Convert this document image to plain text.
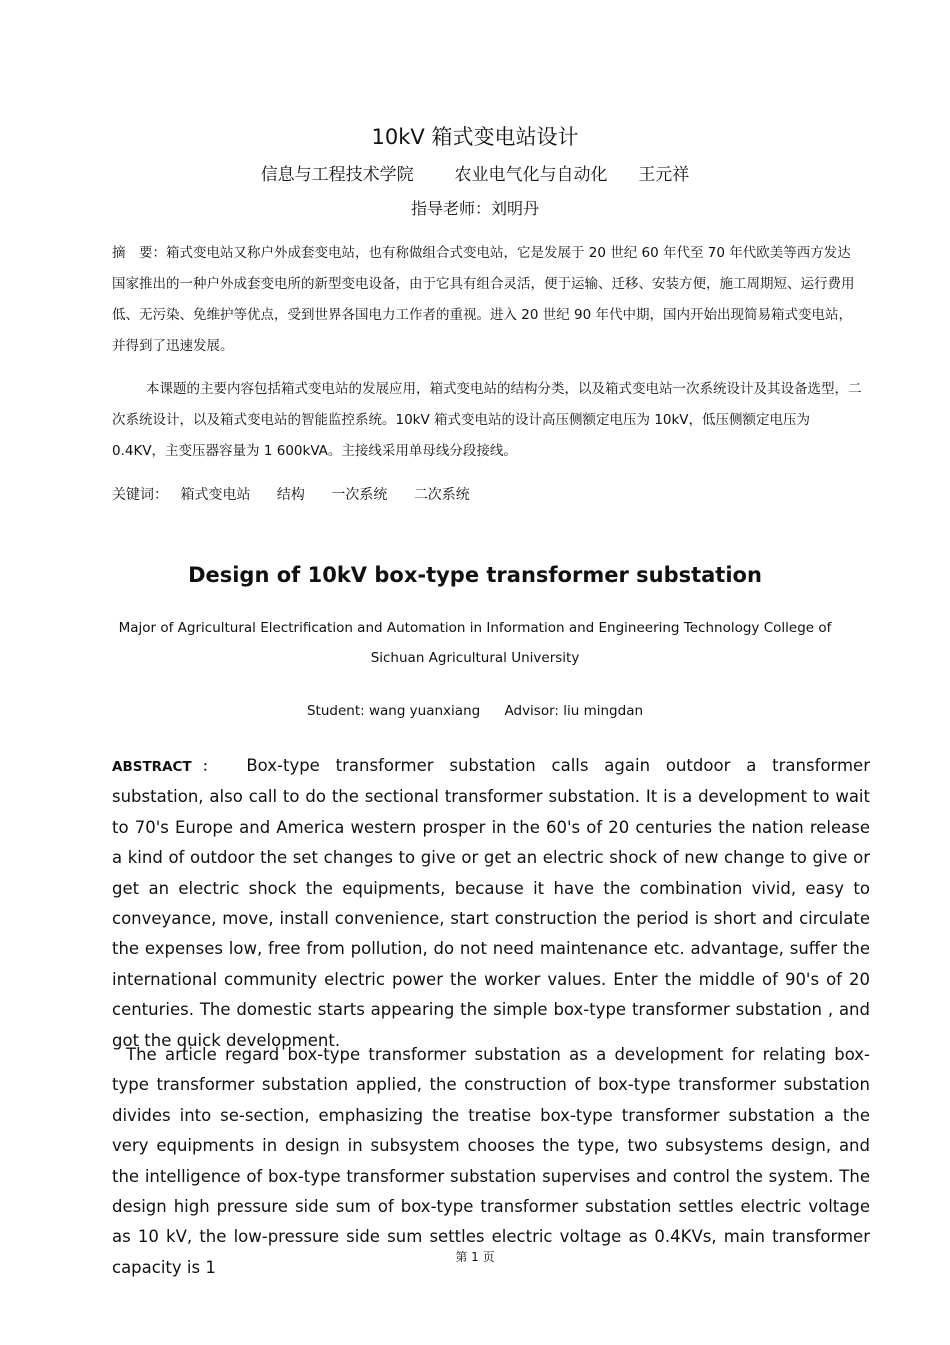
10kV 箱式变电站设计
信息与工程技术学院 农业电气化与自动化 王元祥
指导老师：刘明丹
摘　要：箱式变电站又称户外成套变电站，也有称做组合式变电站，它是发展于 20 世纪 60 年代至 70 年代欧美等西方发达国家推出的一种户外成套变电所的新型变电设备，由于它具有组合灵活，便于运输、迁移、安装方便，施工周期短、运行费用低、无污染、免维护等优点，受到世界各国电力工作者的重视。进入 20 世纪 90 年代中期，国内开始出现简易箱式变电站，并得到了迅速发展。
本课题的主要内容包括箱式变电站的发展应用，箱式变电站的结构分类，以及箱式变电站一次系统设计及其设备选型，二次系统设计，以及箱式变电站的智能监控系统。10kV 箱式变电站的设计高压侧额定电压为 10kV，低压侧额定电压为 0.4KV，主变压器容量为 1 600kVA。主接线采用单母线分段接线。
关键词： 箱式变电站 结构 一次系统 二次系统
Design of 10kV box-type transformer substation
Major of Agricultural Electrification and Automation in Information and Engineering Technology College of
Sichuan Agricultural University
Student: wang yuanxiang Advisor: liu mingdan
ABSTRACT： Box-type transformer substation calls again outdoor a transformer substation, also call to do the sectional transformer substation. It is a development to wait to 70's Europe and America western prosper in the 60's of 20 centuries the nation release a kind of outdoor the set changes to give or get an electric shock of new change to give or get an electric shock the equipments, because it have the combination vivid, easy to conveyance, move, install convenience, start construction the period is short and circulate the expenses low, free from pollution, do not need maintenance etc. advantage, suffer the international community electric power the worker values. Enter the middle of 90's of 20 centuries. The domestic starts appearing the simple box-type transformer substation , and got the quick development.
The article regard box-type transformer substation as a development for relating box-type transformer substation applied, the construction of box-type transformer substation divides into se-section, emphasizing the treatise box-type transformer substation a the very equipments in design in subsystem chooses the type, two subsystems design, and the intelligence of box-type transformer substation supervises and control the system. The design high pressure side sum of box-type transformer substation settles electric voltage as 10 kV, the low-pressure side sum settles electric voltage as 0.4KVs, main transformer capacity is 1
第 1 页
